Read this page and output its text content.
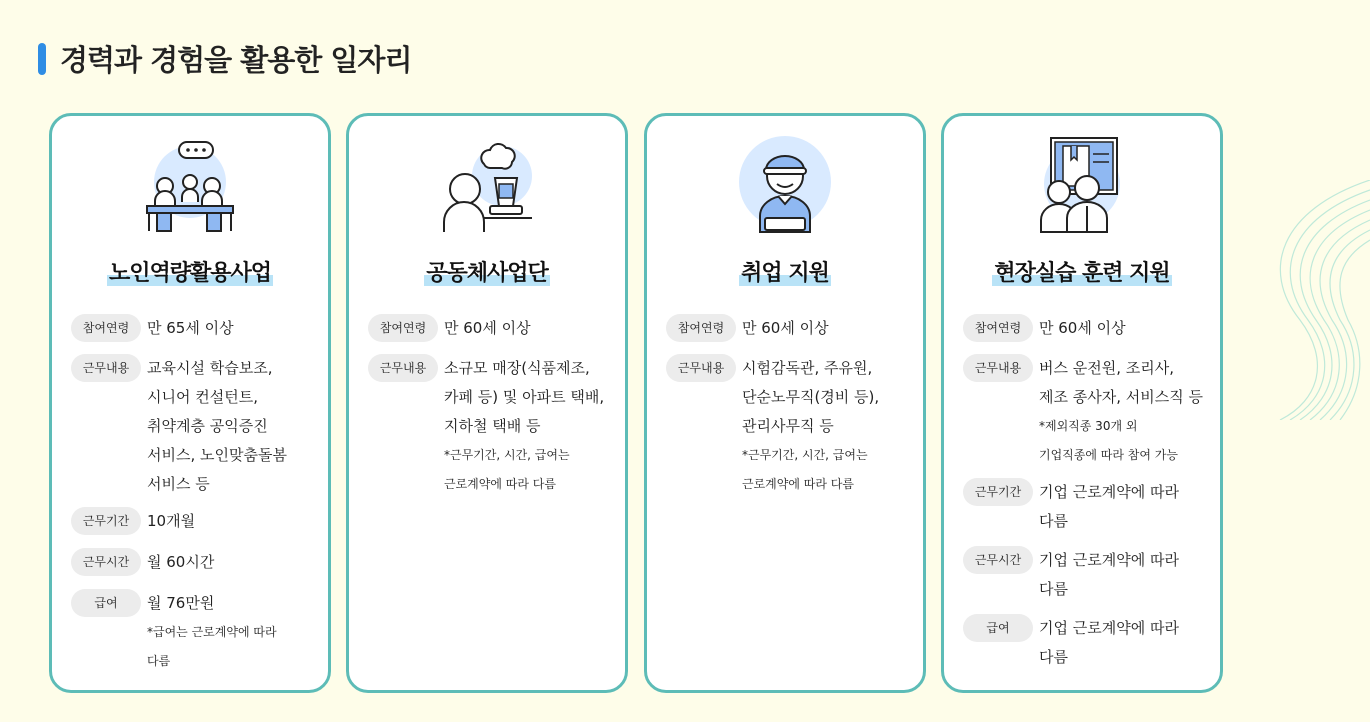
경력과 경험을 활용한 일자리
노인역량활용사업
참여연령	만 65세 이상

근무내용	교육시설 학습보조,

시니어 컨설턴트,

취약계층 공익증진

서비스, 노인맞춤돌봄

서비스 등

근무기간	10개월

근무시간	월 60시간

급여	월 76만원

*급여는 근로계약에 따라
다름
공동체사업단
참여연령	만 60세 이상

근무내용	소규모 매장(식품제조,

카페 등) 및 아파트 택배,

지하철 택배 등

*근무기간, 시간, 급여는
근로계약에 따라 다름
취업 지원
참여연령	만 60세 이상

근무내용	시험감독관, 주유원,

단순노무직(경비 등),

관리사무직 등

*근무기간, 시간, 급여는
근로계약에 따라 다름
현장실습 훈련 지원
참여연령	만 60세 이상

근무내용	버스 운전원, 조리사,

제조 종사자, 서비스직 등

*제외직종 30개 외
기업직종에 따라 참여 가능
근무기간	기업 근로계약에 따라

다름

근무시간	기업 근로계약에 따라

다름

급여	기업 근로계약에 따라

다름
